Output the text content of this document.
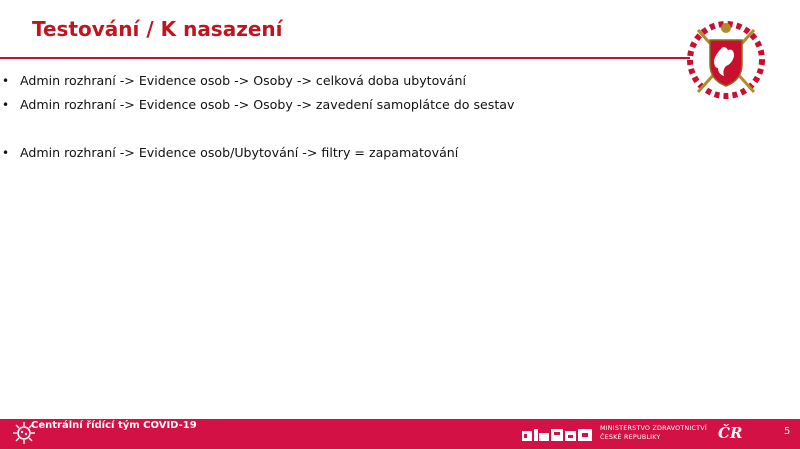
Testování / K nasazení
• Admin rozhraní -> Evidence osob -> Osoby -> celková doba ubytování
• Admin rozhraní -> Evidence osob -> Osoby -> zavedení samoplátce do sestav
• Admin rozhraní -> Evidence osob/Ubytování -> filtry = zapamatování
Centrální řídící tým COVID-19	MINISTERSTVO ZDRAVOTNICTVÍ
ČESKÉ REPUBLIKY	ČR	5
